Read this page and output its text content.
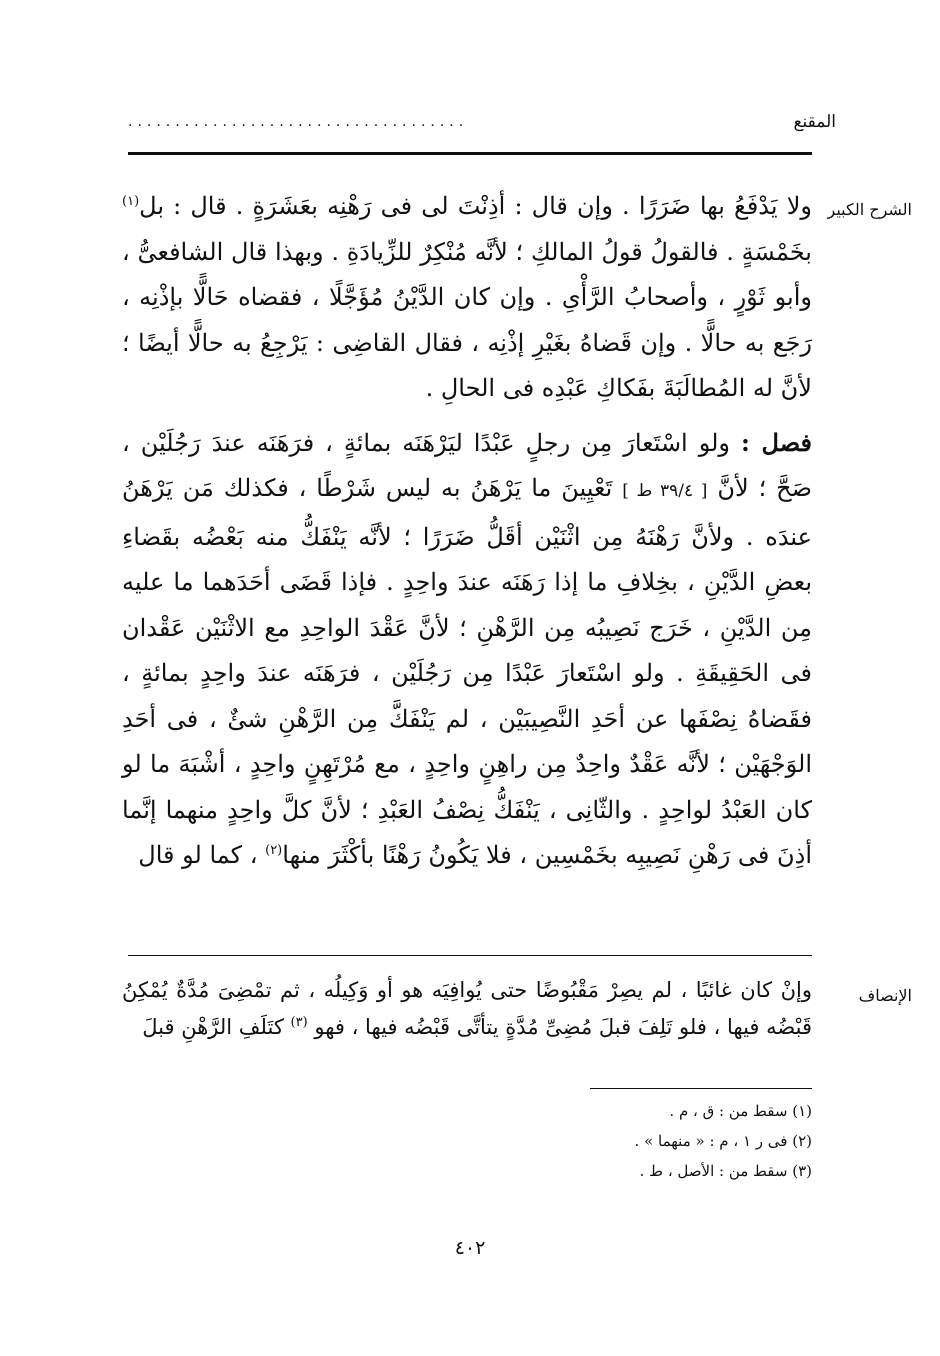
المقنع
....................................
الشرح الكبير

ولا يَدْفَعُ بها ضَرَرًا . وإن قال : أذِنْتَ لى فى رَهْنِه بعَشَرَةٍ . قال : بل$^{(١)}$ بخَمْسَةٍ . فالقولُ قولُ المالكِ ؛ لأنَّه مُنْكِرٌ للزِّيادَةِ . وبهذا قال الشافعىُّ ، وأبو ثَوْرٍ ، وأصحابُ الرَّأْىِ . وإن كان الدَّيْنُ مُؤَجَّلًا ، فقضاه حَالًّا بإذْنِه ، رَجَع به حالًّا . وإن قَضاهُ بغَيْرِ إذْنِه ، فقال القاضِى : يَرْجِعُ به حالًّا أيضًا ؛ لأنَّ له المُطالَبَةَ بفَكاكِ عَبْدِه فى الحالِ .

فصل : ولو اسْتَعارَ مِن رجلٍ عَبْدًا ليَرْهَنَه بمائةٍ ، فرَهَنَه عندَ رَجُلَيْن ، صَحَّ ؛ لأنَّ [ ٣٩/٤ ط ] تَعْيِينَ ما يَرْهَنُ به ليس شَرْطًا ، فكذلك مَن يَرْهَنُ عندَه . ولأنَّ رَهْنَهُ مِن اثْنَيْن أقَلُّ ضَرَرًا ؛ لأنَّه يَنْفَكُّ منه بَعْضُه بقَضاءِ بعضِ الدَّيْنِ ، بخِلافِ ما إذا رَهَنَه عندَ واحِدٍ . فإذا قَضَى أحَدَهما ما عليه مِن الدَّيْنِ ، خَرَج نَصِيبُه مِن الرَّهْنِ ؛ لأنَّ عَقْدَ الواحِدِ مع الاثْنَيْن عَقْدان فى الحَقِيقَةِ . ولو اسْتَعارَ عَبْدًا مِن رَجُلَيْن ، فرَهَنَه عندَ واحِدٍ بمائةٍ ، فقَضاهُ نِصْفَها عن أحَدِ النَّصِيبَيْن ، لم يَنْفَكَّ مِن الرَّهْنِ شئٌ ، فى أحَدِ الوَجْهَيْن ؛ لأنَّه عَقْدٌ واحِدٌ مِن راهِنٍ واحِدٍ ، مع مُرْتَهِنٍ واحِدٍ ، أشْبَهَ ما لو كان العَبْدُ لواحِدٍ . والثّانِى ، يَنْفَكُّ نِصْفُ العَبْدِ ؛ لأنَّ كلَّ واحِدٍ منهما إنَّما أذِنَ فى رَهْنِ نَصِيبِه بخَمْسِين ، فلا يَكُونُ رَهْنًا بأكْثَرَ منها$^{(٢)}$ ، كما لو قال

الإنصاف

وإنْ كان غائبًا ، لم يصِرْ مَقْبُوضًا حتى يُوافِيَه هو أو وَكِيلُه ، ثم تمْضِىَ مُدَّةٌ يُمْكِنُ قَبْضُه فيها ، فلو تَلِفَ قبلَ مُضِىِّ مُدَّةٍ يتأتَّى قَبْضُه فيها ، فهو $^{(٣)}$ كتَلَفِ الرَّهْنِ قبلَ

(١) سقط من : ق ، م .
(٢) فى ر ١ ، م : « منهما » .
(٣) سقط من : الأصل ، ط .
٤٠٢
